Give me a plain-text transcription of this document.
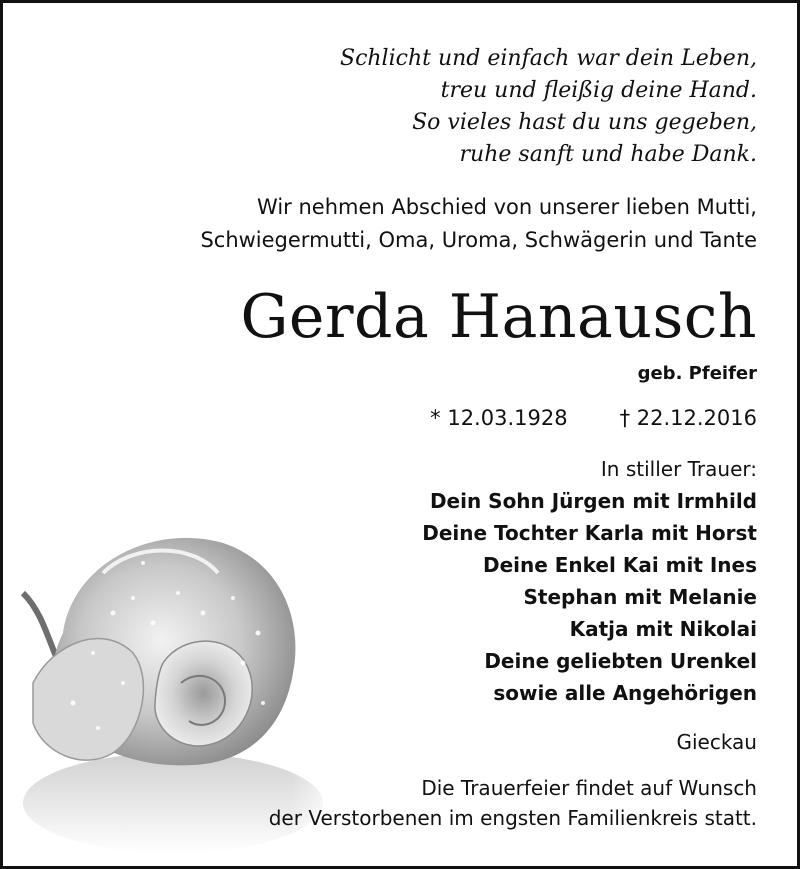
Schlicht und einfach war dein Leben,
treu und fleißig deine Hand.
So vieles hast du uns gegeben,
ruhe sanft und habe Dank.
Wir nehmen Abschied von unserer lieben Mutti,
Schwiegermutti, Oma, Uroma, Schwägerin und Tante
Gerda Hanausch
geb. Pfeifer
* 12.03.1928 † 22.12.2016
In stiller Trauer:
Dein Sohn Jürgen mit Irmhild
Deine Tochter Karla mit Horst
Deine Enkel Kai mit Ines
Stephan mit Melanie
Katja mit Nikolai
Deine geliebten Urenkel
sowie alle Angehörigen
Gieckau
Die Trauerfeier findet auf Wunsch
der Verstorbenen im engsten Familienkreis statt.
